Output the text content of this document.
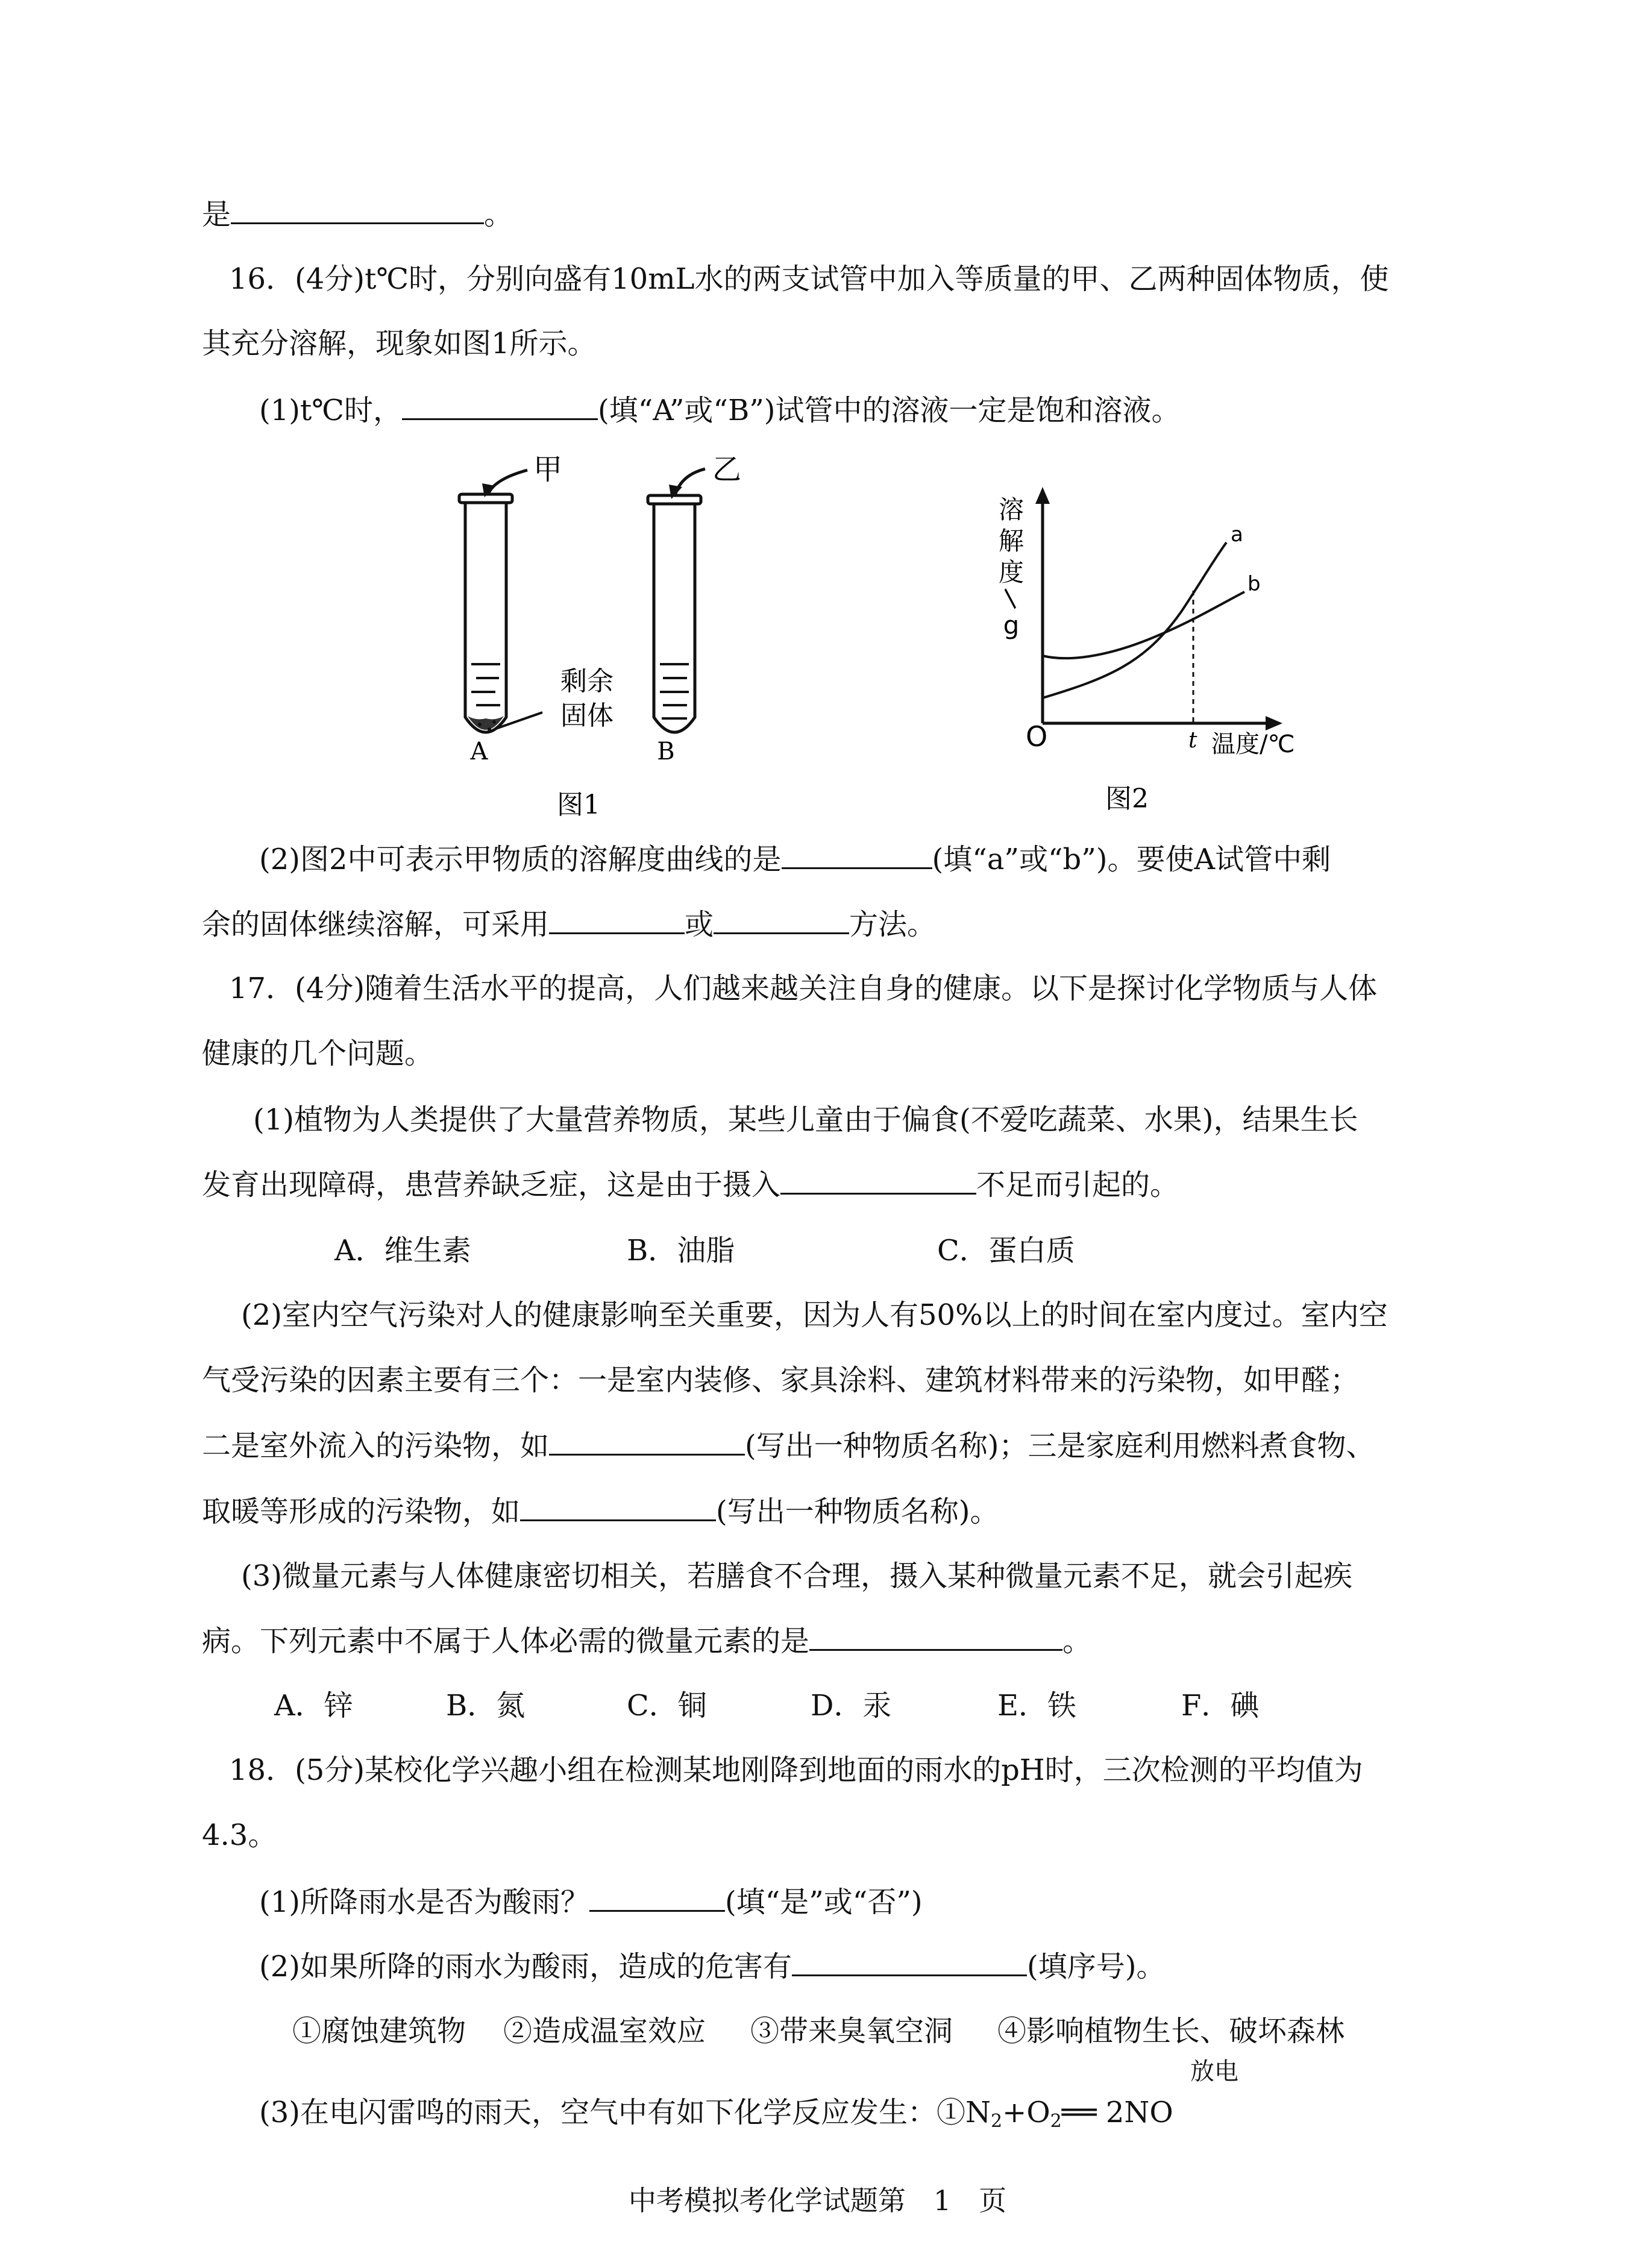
是	。
16．(4分)t℃时，分别向盛有10mL水的两支试管中加入等质量的甲、乙两种固体物质，使
其充分溶解，现象如图1所示。
(1)t℃时，	(填“A”或“B”)试管中的溶液一定是饱和溶液。
甲
剩余
固体
乙
A	B
图1
溶
解
度
/
g
O
a
b
t 温度/℃
图2
(2)图2中可表示甲物质的溶解度曲线的是	(填“a”或“b”)。要使A试管中剩
余的固体继续溶解，可采用	或	方法。
17．(4分)随着生活水平的提高，人们越来越关注自身的健康。以下是探讨化学物质与人体
健康的几个问题。
(1)植物为人类提供了大量营养物质，某些儿童由于偏食(不爱吃蔬菜、水果)，结果生长
发育出现障碍，患营养缺乏症，这是由于摄入	不足而引起的。
A．维生素	B．油脂	C．蛋白质
(2)室内空气污染对人的健康影响至关重要，因为人有50%以上的时间在室内度过。室内空
气受污染的因素主要有三个：一是室内装修、家具涂料、建筑材料带来的污染物，如甲醛；
二是室外流入的污染物，如	(写出一种物质名称)；三是家庭利用燃料煮食物、
取暖等形成的污染物，如	(写出一种物质名称)。
(3)微量元素与人体健康密切相关，若膳食不合理，摄入某种微量元素不足，就会引起疾
病。下列元素中不属于人体必需的微量元素的是	。
A．锌	B．氮	C．铜	D．汞	E．铁	F．碘
18．(5分)某校化学兴趣小组在检测某地刚降到地面的雨水的pH时，三次检测的平均值为
4.3。
(1)所降雨水是否为酸雨？	(填“是”或“否”)
(2)如果所降的雨水为酸雨，造成的危害有	(填序号)。
①腐蚀建筑物 ②造成温室效应 ③带来臭氧空洞 ④影响植物生长、破坏森林
放电
(3)在电闪雷鸣的雨天，空气中有如下化学反应发生：①N2+O2══ 2NO
中考模拟考化学试题第　1　页
